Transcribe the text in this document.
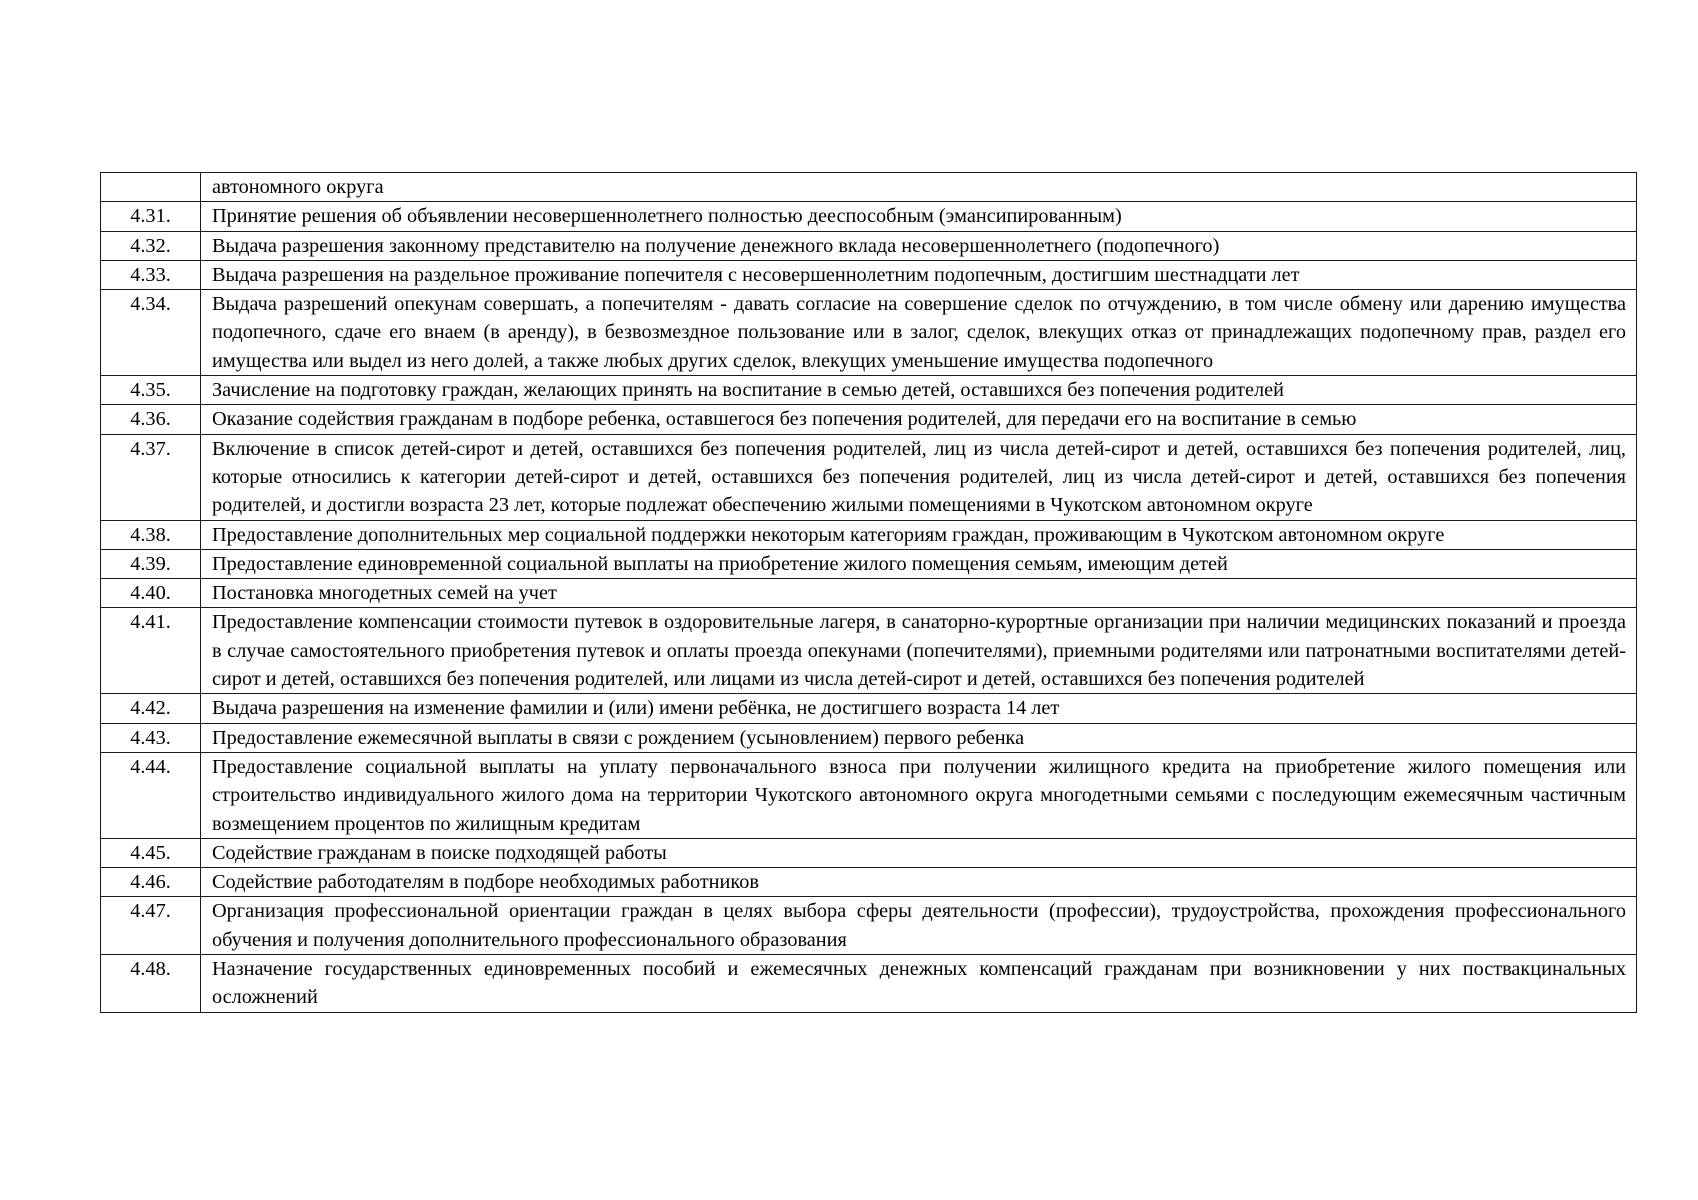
	автономного округа
4.31.	Принятие решения об объявлении несовершеннолетнего полностью дееспособным (эмансипированным)
4.32.	Выдача разрешения законному представителю на получение денежного вклада несовершеннолетнего (подопечного)
4.33.	Выдача разрешения на раздельное проживание попечителя с несовершеннолетним подопечным, достигшим шестнадцати лет
4.34.	Выдача разрешений опекунам совершать, а попечителям - давать согласие на совершение сделок по отчуждению, в том числе обмену или дарению имущества подопечного, сдаче его внаем (в аренду), в безвозмездное пользование или в залог, сделок, влекущих отказ от принадлежащих подопечному прав, раздел его имущества или выдел из него долей, а также любых других сделок, влекущих уменьшение имущества подопечного
4.35.	Зачисление на подготовку граждан, желающих принять на воспитание в семью детей, оставшихся без попечения родителей
4.36.	Оказание содействия гражданам в подборе ребенка, оставшегося без попечения родителей, для передачи его на воспитание в семью
4.37.	Включение в список детей-сирот и детей, оставшихся без попечения родителей, лиц из числа детей-сирот и детей, оставшихся без попечения родителей, лиц, которые относились к категории детей-сирот и детей, оставшихся без попечения родителей, лиц из числа детей-сирот и детей, оставшихся без попечения родителей, и достигли возраста 23 лет, которые подлежат обеспечению жилыми помещениями в Чукотском автономном округе
4.38.	Предоставление дополнительных мер социальной поддержки некоторым категориям граждан, проживающим в Чукотском автономном округе
4.39.	Предоставление единовременной социальной выплаты на приобретение жилого помещения семьям, имеющим детей
4.40.	Постановка многодетных семей на учет
4.41.	Предоставление компенсации стоимости путевок в оздоровительные лагеря, в санаторно-курортные организации при наличии медицинских показаний и проезда в случае самостоятельного приобретения путевок и оплаты проезда опекунами (попечителями), приемными родителями или патронатными воспитателями детей-сирот и детей, оставшихся без попечения родителей, или лицами из числа детей-сирот и детей, оставшихся без попечения родителей
4.42.	Выдача разрешения на изменение фамилии и (или) имени ребёнка, не достигшего возраста 14 лет
4.43.	Предоставление ежемесячной выплаты в связи с рождением (усыновлением) первого ребенка
4.44.	Предоставление социальной выплаты на уплату первоначального взноса при получении жилищного кредита на приобретение жилого помещения или строительство индивидуального жилого дома на территории Чукотского автономного округа многодетными семьями с последующим ежемесячным частичным возмещением процентов по жилищным кредитам
4.45.	Содействие гражданам в поиске подходящей работы
4.46.	Содействие работодателям в подборе необходимых работников
4.47.	Организация профессиональной ориентации граждан в целях выбора сферы деятельности (профессии), трудоустройства, прохождения профессионального обучения и получения дополнительного профессионального образования
4.48.	Назначение государственных единовременных пособий и ежемесячных денежных компенсаций гражданам при возникновении у них поствакцинальных осложнений
